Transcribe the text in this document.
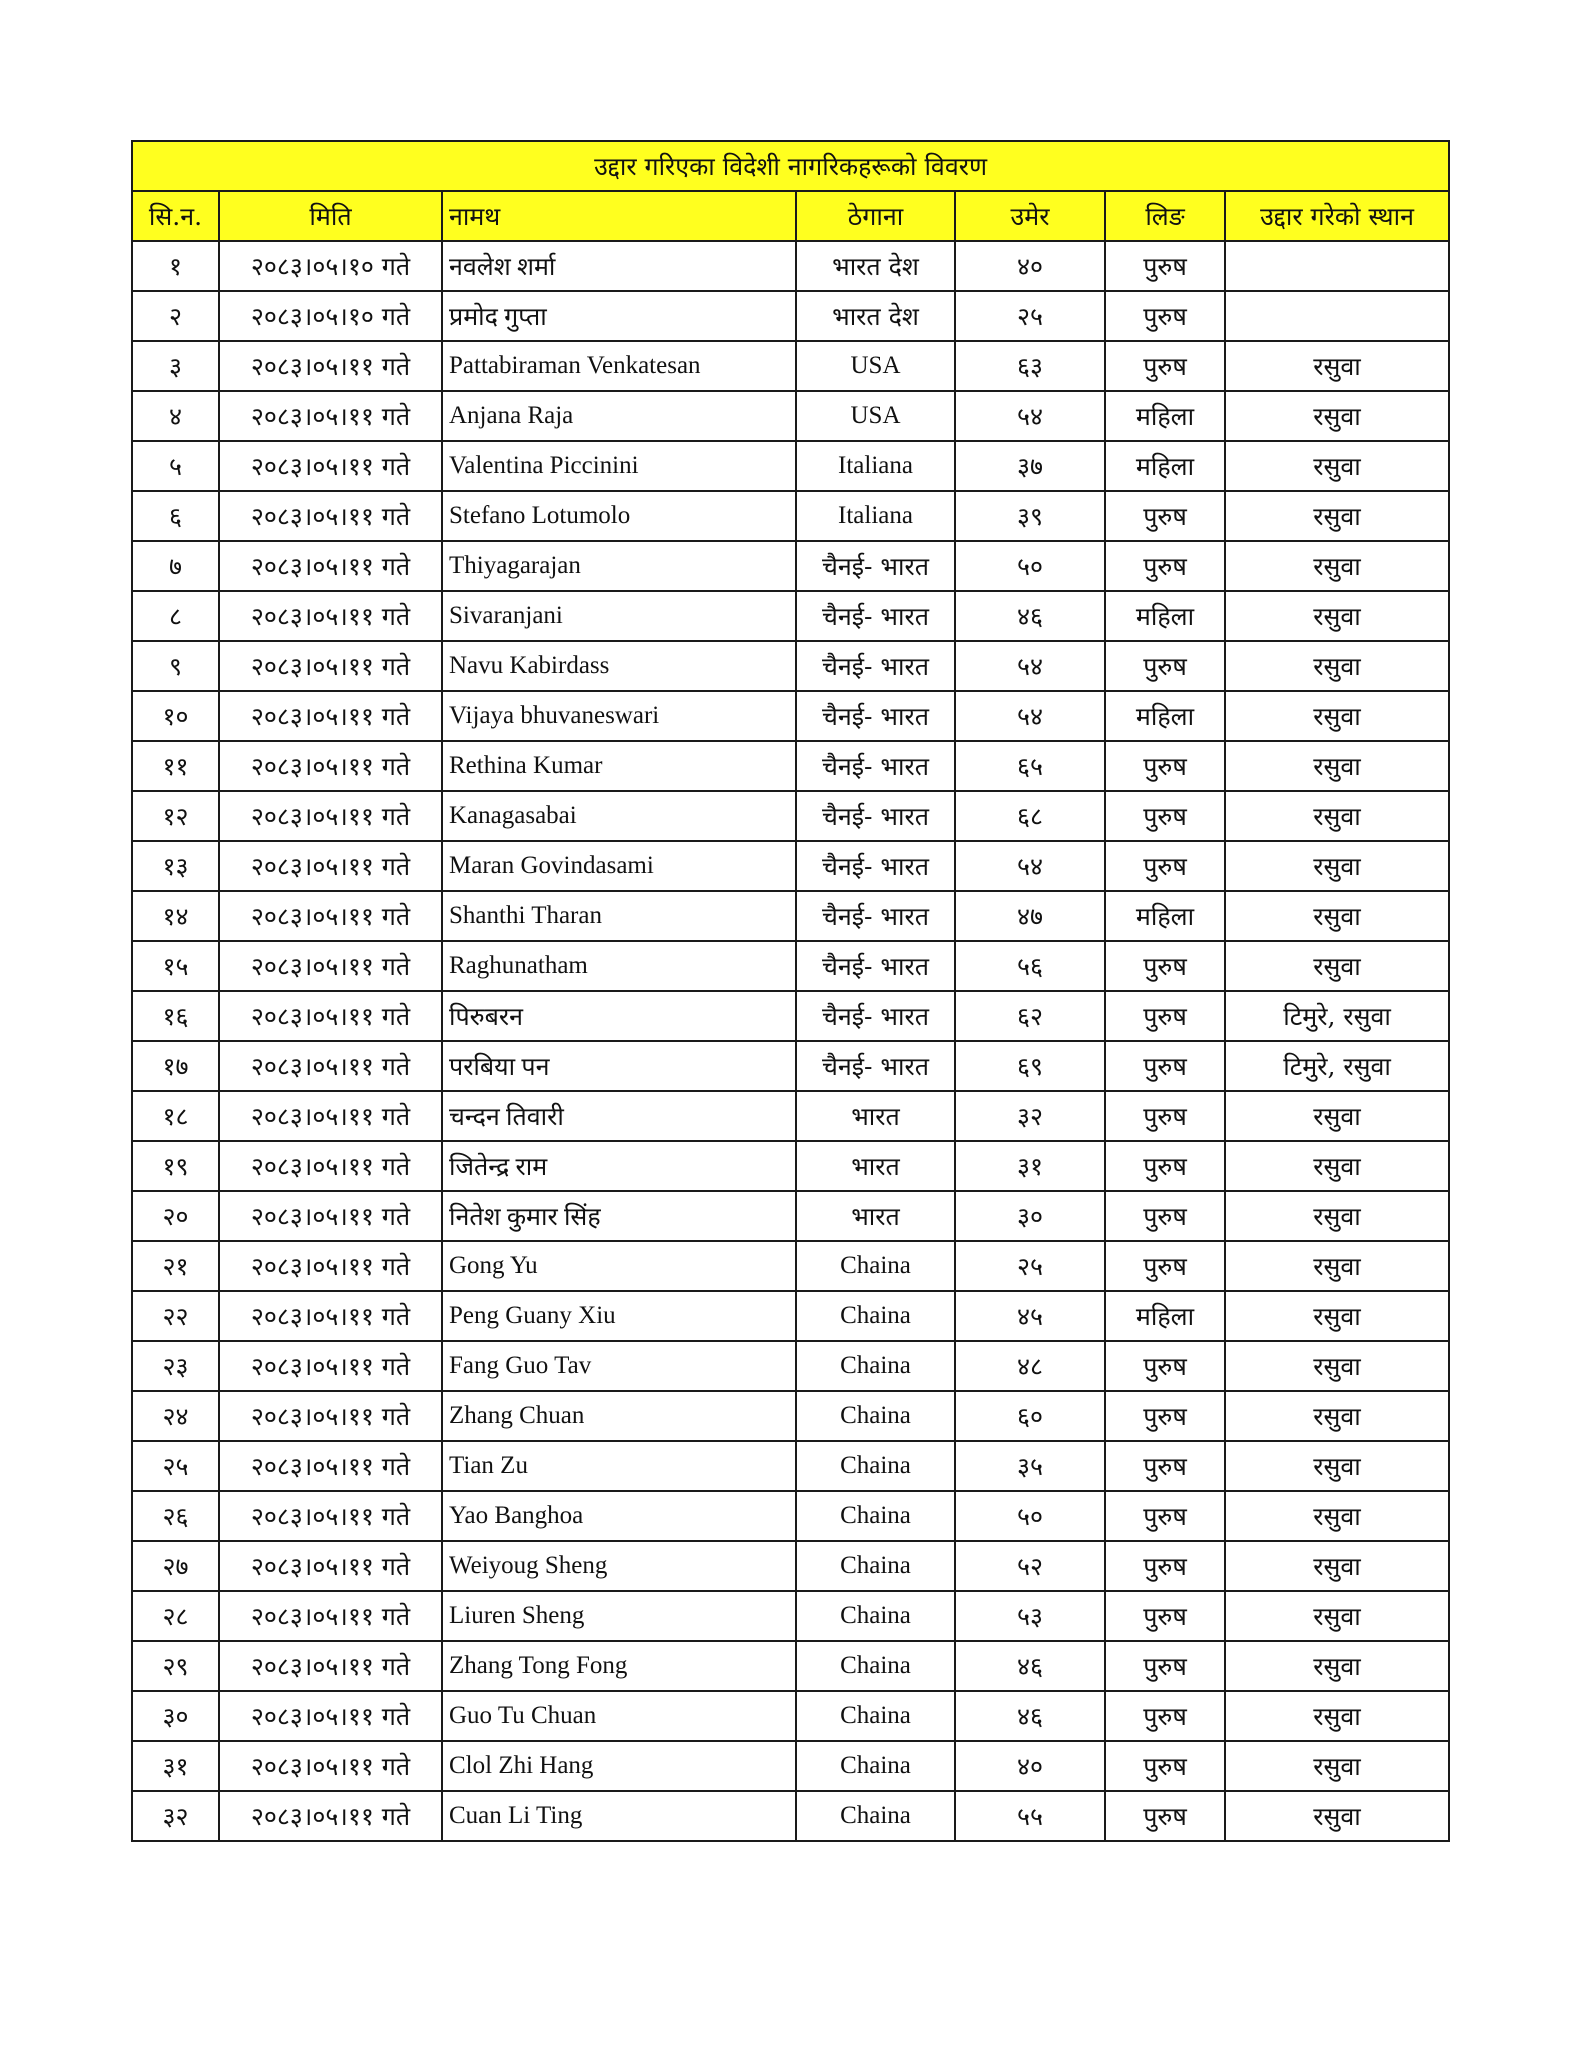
उद्दार गरिएका विदेशी नागरिकहरूको विवरण						
सि.न.	मिति	नामथ	ठेगाना	उमेर	लिङ	उद्दार गरेको स्थान
१	२०८३।०५।१० गते	नवलेश शर्मा	भारत देश	४०	पुरुष	
२	२०८३।०५।१० गते	प्रमोद गुप्ता	भारत देश	२५	पुरुष	
३	२०८३।०५।११ गते	Pattabiraman Venkatesan	USA	६३	पुरुष	रसुवा
४	२०८३।०५।११ गते	Anjana Raja	USA	५४	महिला	रसुवा
५	२०८३।०५।११ गते	Valentina Piccinini	Italiana	३७	महिला	रसुवा
६	२०८३।०५।११ गते	Stefano Lotumolo	Italiana	३९	पुरुष	रसुवा
७	२०८३।०५।११ गते	Thiyagarajan	चैनई- भारत	५०	पुरुष	रसुवा
८	२०८३।०५।११ गते	Sivaranjani	चैनई- भारत	४६	महिला	रसुवा
९	२०८३।०५।११ गते	Navu Kabirdass	चैनई- भारत	५४	पुरुष	रसुवा
१०	२०८३।०५।११ गते	Vijaya bhuvaneswari	चैनई- भारत	५४	महिला	रसुवा
११	२०८३।०५।११ गते	Rethina Kumar	चैनई- भारत	६५	पुरुष	रसुवा
१२	२०८३।०५।११ गते	Kanagasabai	चैनई- भारत	६८	पुरुष	रसुवा
१३	२०८३।०५।११ गते	Maran Govindasami	चैनई- भारत	५४	पुरुष	रसुवा
१४	२०८३।०५।११ गते	Shanthi Tharan	चैनई- भारत	४७	महिला	रसुवा
१५	२०८३।०५।११ गते	Raghunatham	चैनई- भारत	५६	पुरुष	रसुवा
१६	२०८३।०५।११ गते	पिरुबरन	चैनई- भारत	६२	पुरुष	टिमुरे, रसुवा
१७	२०८३।०५।११ गते	परबिया पन	चैनई- भारत	६९	पुरुष	टिमुरे, रसुवा
१८	२०८३।०५।११ गते	चन्दन तिवारी	भारत	३२	पुरुष	रसुवा
१९	२०८३।०५।११ गते	जितेन्द्र राम	भारत	३१	पुरुष	रसुवा
२०	२०८३।०५।११ गते	नितेश कुमार सिंह	भारत	३०	पुरुष	रसुवा
२१	२०८३।०५।११ गते	Gong Yu	Chaina	२५	पुरुष	रसुवा
२२	२०८३।०५।११ गते	Peng Guany Xiu	Chaina	४५	महिला	रसुवा
२३	२०८३।०५।११ गते	Fang Guo Tav	Chaina	४८	पुरुष	रसुवा
२४	२०८३।०५।११ गते	Zhang Chuan	Chaina	६०	पुरुष	रसुवा
२५	२०८३।०५।११ गते	Tian Zu	Chaina	३५	पुरुष	रसुवा
२६	२०८३।०५।११ गते	Yao Banghoa	Chaina	५०	पुरुष	रसुवा
२७	२०८३।०५।११ गते	Weiyoug Sheng	Chaina	५२	पुरुष	रसुवा
२८	२०८३।०५।११ गते	Liuren Sheng	Chaina	५३	पुरुष	रसुवा
२९	२०८३।०५।११ गते	Zhang Tong Fong	Chaina	४६	पुरुष	रसुवा
३०	२०८३।०५।११ गते	Guo Tu Chuan	Chaina	४६	पुरुष	रसुवा
३१	२०८३।०५।११ गते	Clol Zhi Hang	Chaina	४०	पुरुष	रसुवा
३२	२०८३।०५।११ गते	Cuan Li Ting	Chaina	५५	पुरुष	रसुवा
